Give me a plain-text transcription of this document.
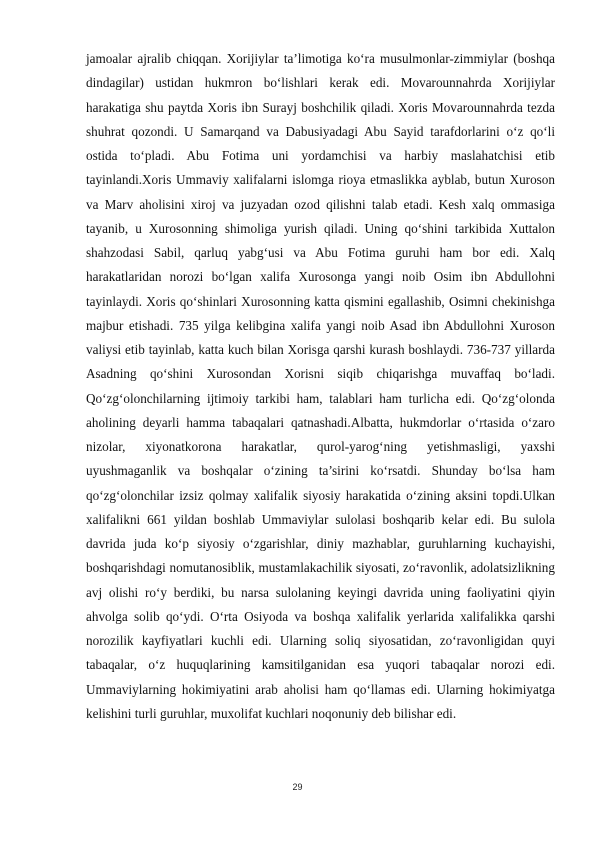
jamoalar ajralib chiqqan. Xorijiylar ta’limotiga ko‘ra musulmonlar-zimmiylar (boshqa dindagilar) ustidan hukmron bo‘lishlari kerak edi. Movarounnahrda Xorijiylar harakatiga shu paytda Xoris ibn Surayj boshchilik qiladi. Xoris Movarounnahrda tezda shuhrat qozondi. U Samarqand va Dabusiyadagi Abu Sayid tarafdorlarini o‘z qo‘li ostida to‘pladi. Abu Fotima uni yordamchisi va harbiy maslahatchisi etib tayinlandi.Xoris Ummaviy xalifalarni islomga rioya etmaslikka ayblab, butun Xuroson va Marv aholisini xiroj va juzyadan ozod qilishni talab etadi. Kesh xalq ommasiga tayanib, u Xurosonning shimoliga yurish qiladi. Uning qo‘shini tarkibida Xuttalon shahzodasi Sabil, qarluq yabg‘usi va Abu Fotima guruhi ham bor edi. Xalq harakatlaridan norozi bo‘lgan xalifa Xurosonga yangi noib Osim ibn Abdullohni tayinlaydi. Xoris qo‘shinlari Xurosonning katta qismini egallashib, Osimni chekinishga majbur etishadi. 735 yilga kelibgina xalifa yangi noib Asad ibn Abdullohni Xuroson valiysi etib tayinlab, katta kuch bilan Xorisga qarshi kurash boshlaydi. 736-737 yillarda Asadning qo‘shini Xurosondan Xorisni siqib chiqarishga muvaffaq bo‘ladi. Qo‘zg‘olonchilarning ijtimoiy tarkibi ham, talablari ham turlicha edi. Qo‘zg‘olonda aholining deyarli hamma tabaqalari qatnashadi.Albatta, hukmdorlar o‘rtasida o‘zaro nizolar, xiyonatkorona harakatlar, qurol-yarog‘ning yetishmasligi, yaxshi uyushmaganlik va boshqalar o‘zining ta’sirini ko‘rsatdi. Shunday bo‘lsa ham qo‘zg‘olonchilar izsiz qolmay xalifalik siyosiy harakatida o‘zining aksini topdi.Ulkan xalifalikni 661 yildan boshlab Ummaviylar sulolasi boshqarib kelar edi. Bu sulola davrida juda ko‘p siyosiy o‘zgarishlar, diniy mazhablar, guruhlarning kuchayishi, boshqarishdagi nomutanosiblik, mustamlakachilik siyosati, zo‘ravonlik, adolatsizlikning avj olishi ro‘y berdiki, bu narsa sulolaning keyingi davrida uning faoliyatini qiyin ahvolga solib qo‘ydi. O‘rta Osiyoda va boshqa xalifalik yerlarida xalifalikka qarshi norozilik kayfiyatlari kuchli edi. Ularning soliq siyosatidan, zo‘ravonligidan quyi tabaqalar, o‘z huquqlarining kamsitilganidan esa yuqori tabaqalar norozi edi. Ummaviylarning hokimiyatini arab aholisi ham qo‘llamas edi. Ularning hokimiyatga kelishini turli guruhlar, muxolifat kuchlari noqonuniy deb bilishar edi.

29
